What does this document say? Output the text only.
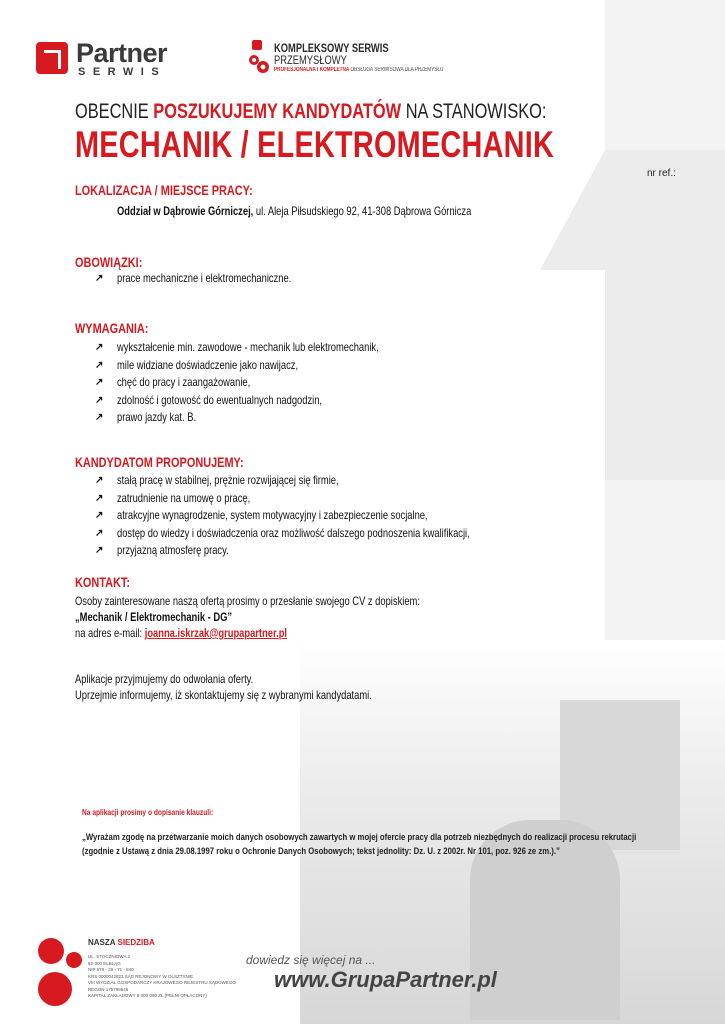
Partner
SERWIS
KOMPLEKSOWY SERWIS
PRZEMYSŁOWY
PROFESJONALNA I KOMPLETNA OBSŁUGA SERWISOWA DLA PRZEMYSŁU
OBECNIE POSZUKUJEMY KANDYDATÓW NA STANOWISKO:
MECHANIK / ELEKTROMECHANIK
nr ref.:
LOKALIZACJA / MIEJSCE PRACY:
Oddział w Dąbrowie Górniczej, ul. Aleja Piłsudskiego 92, 41-308 Dąbrowa Górnicza
OBOWIĄZKI:
↗ prace mechaniczne i elektromechaniczne.
WYMAGANIA:
↗ wykształcenie min. zawodowe - mechanik lub elektromechanik,
↗ mile widziane doświadczenie jako nawijacz,
↗ chęć do pracy i zaangażowanie,
↗ zdolność i gotowość do ewentualnych nadgodzin,
↗ prawo jazdy kat. B.
KANDYDATOM PROPONUJEMY:
↗ stałą pracę w stabilnej, prężnie rozwijającej się firmie,
↗ zatrudnienie na umowę o pracę,
↗ atrakcyjne wynagrodzenie, system motywacyjny i zabezpieczenie socjalne,
↗ dostęp do wiedzy i doświadczenia oraz możliwość dalszego podnoszenia kwalifikacji,
↗ przyjazną atmosferę pracy.
KONTAKT:
Osoby zainteresowane naszą ofertą prosimy o przesłanie swojego CV z dopiskiem:
„Mechanik / Elektromechanik - DG”
na adres e-mail: joanna.iskrzak@grupapartner.pl
Aplikacje przyjmujemy do odwołania oferty.
Uprzejmie informujemy, iż skontaktujemy się z wybranymi kandydatami.
Na aplikacji prosimy o dopisanie klauzuli:
„Wyrażam zgodę na przetwarzanie moich danych osobowych zawartych w mojej ofercie pracy dla potrzeb niezbędnych do realizacji procesu rekrutacji (zgodnie z Ustawą z dnia 29.08.1997 roku o Ochronie Danych Osobowych; tekst jednolity: Dz. U. z 2002r. Nr 101, poz. 926 ze zm.).”
NASZA SIEDZIBA
UL. STOCZNIOWA 2
82-300 ELBLĄG
NIP 578 - 29 - 71 - 840
KRS 0000042823 SĄD REJONOWY W OLSZTYNIE
VIII WYDZIAŁ GOSPODARCZY KRAJOWEGO REJESTRU SĄDOWEGO
REGON 170799646
KAPITAŁ ZAKŁADOWY 8 000 000 ZŁ (PEŁNI OPŁACONY)
dowiedz się więcej na ...
www.GrupaPartner.pl
